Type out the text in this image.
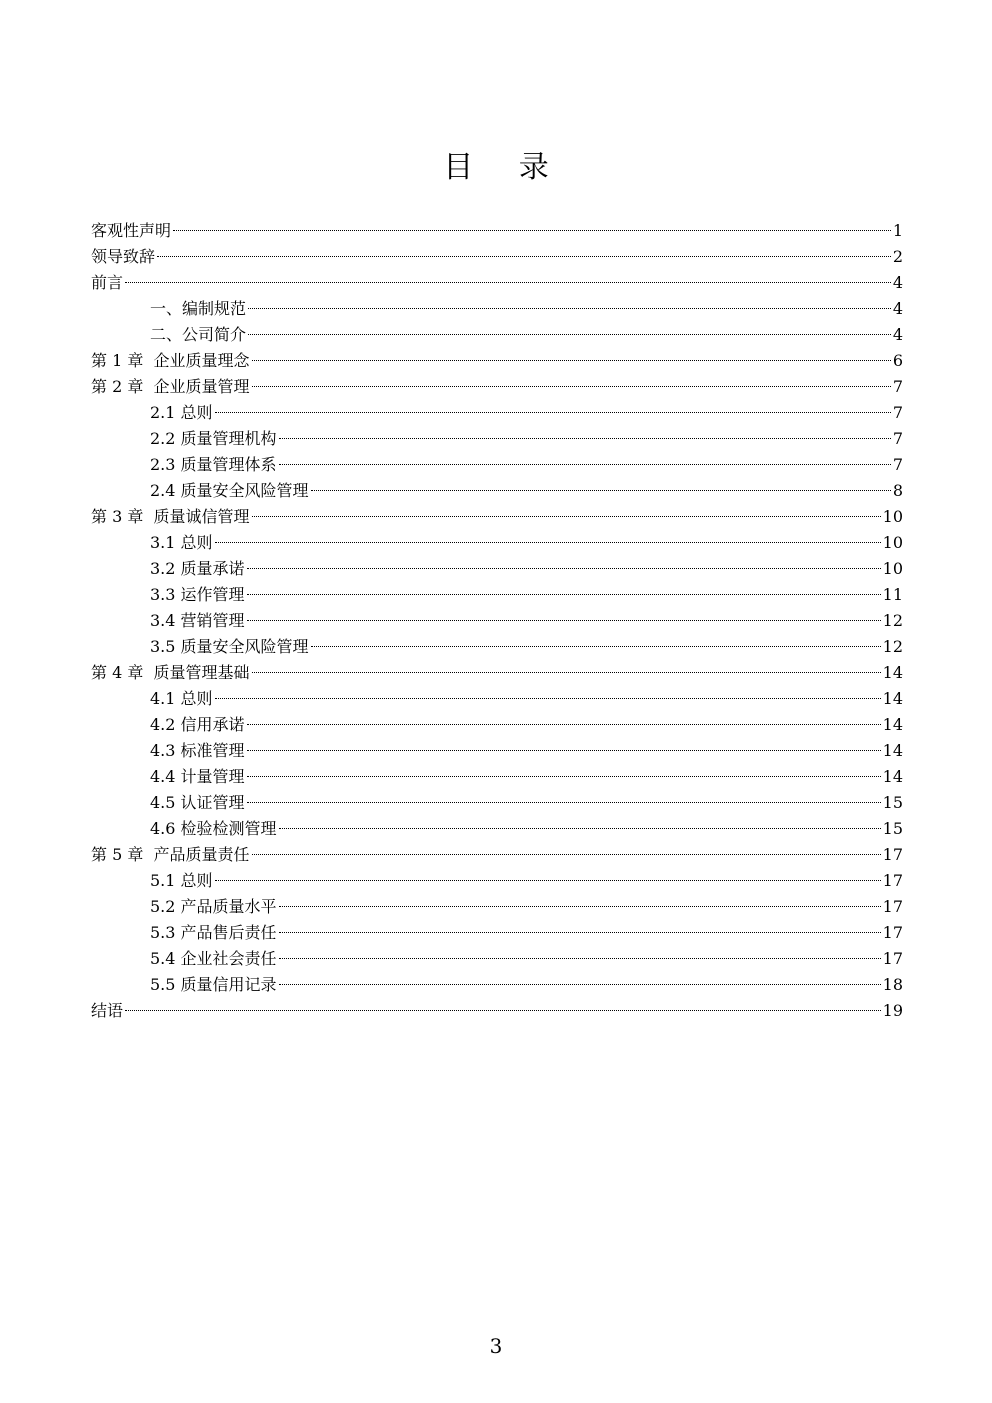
目 录
客观性声明	1
领导致辞	2
前言	4
一、编制规范	4
二、公司简介	4
第 1 章  企业质量理念	6
第 2 章  企业质量管理	7
2.1 总则	7
2.2 质量管理机构	7
2.3 质量管理体系	7
2.4 质量安全风险管理	8
第 3 章  质量诚信管理	10
3.1 总则	10
3.2 质量承诺	10
3.3 运作管理	11
3.4 营销管理	12
3.5 质量安全风险管理	12
第 4 章  质量管理基础	14
4.1 总则	14
4.2 信用承诺	14
4.3 标准管理	14
4.4 计量管理	14
4.5 认证管理	15
4.6 检验检测管理	15
第 5 章  产品质量责任	17
5.1 总则	17
5.2 产品质量水平	17
5.3 产品售后责任	17
5.4 企业社会责任	17
5.5 质量信用记录	18
结语	19
3
